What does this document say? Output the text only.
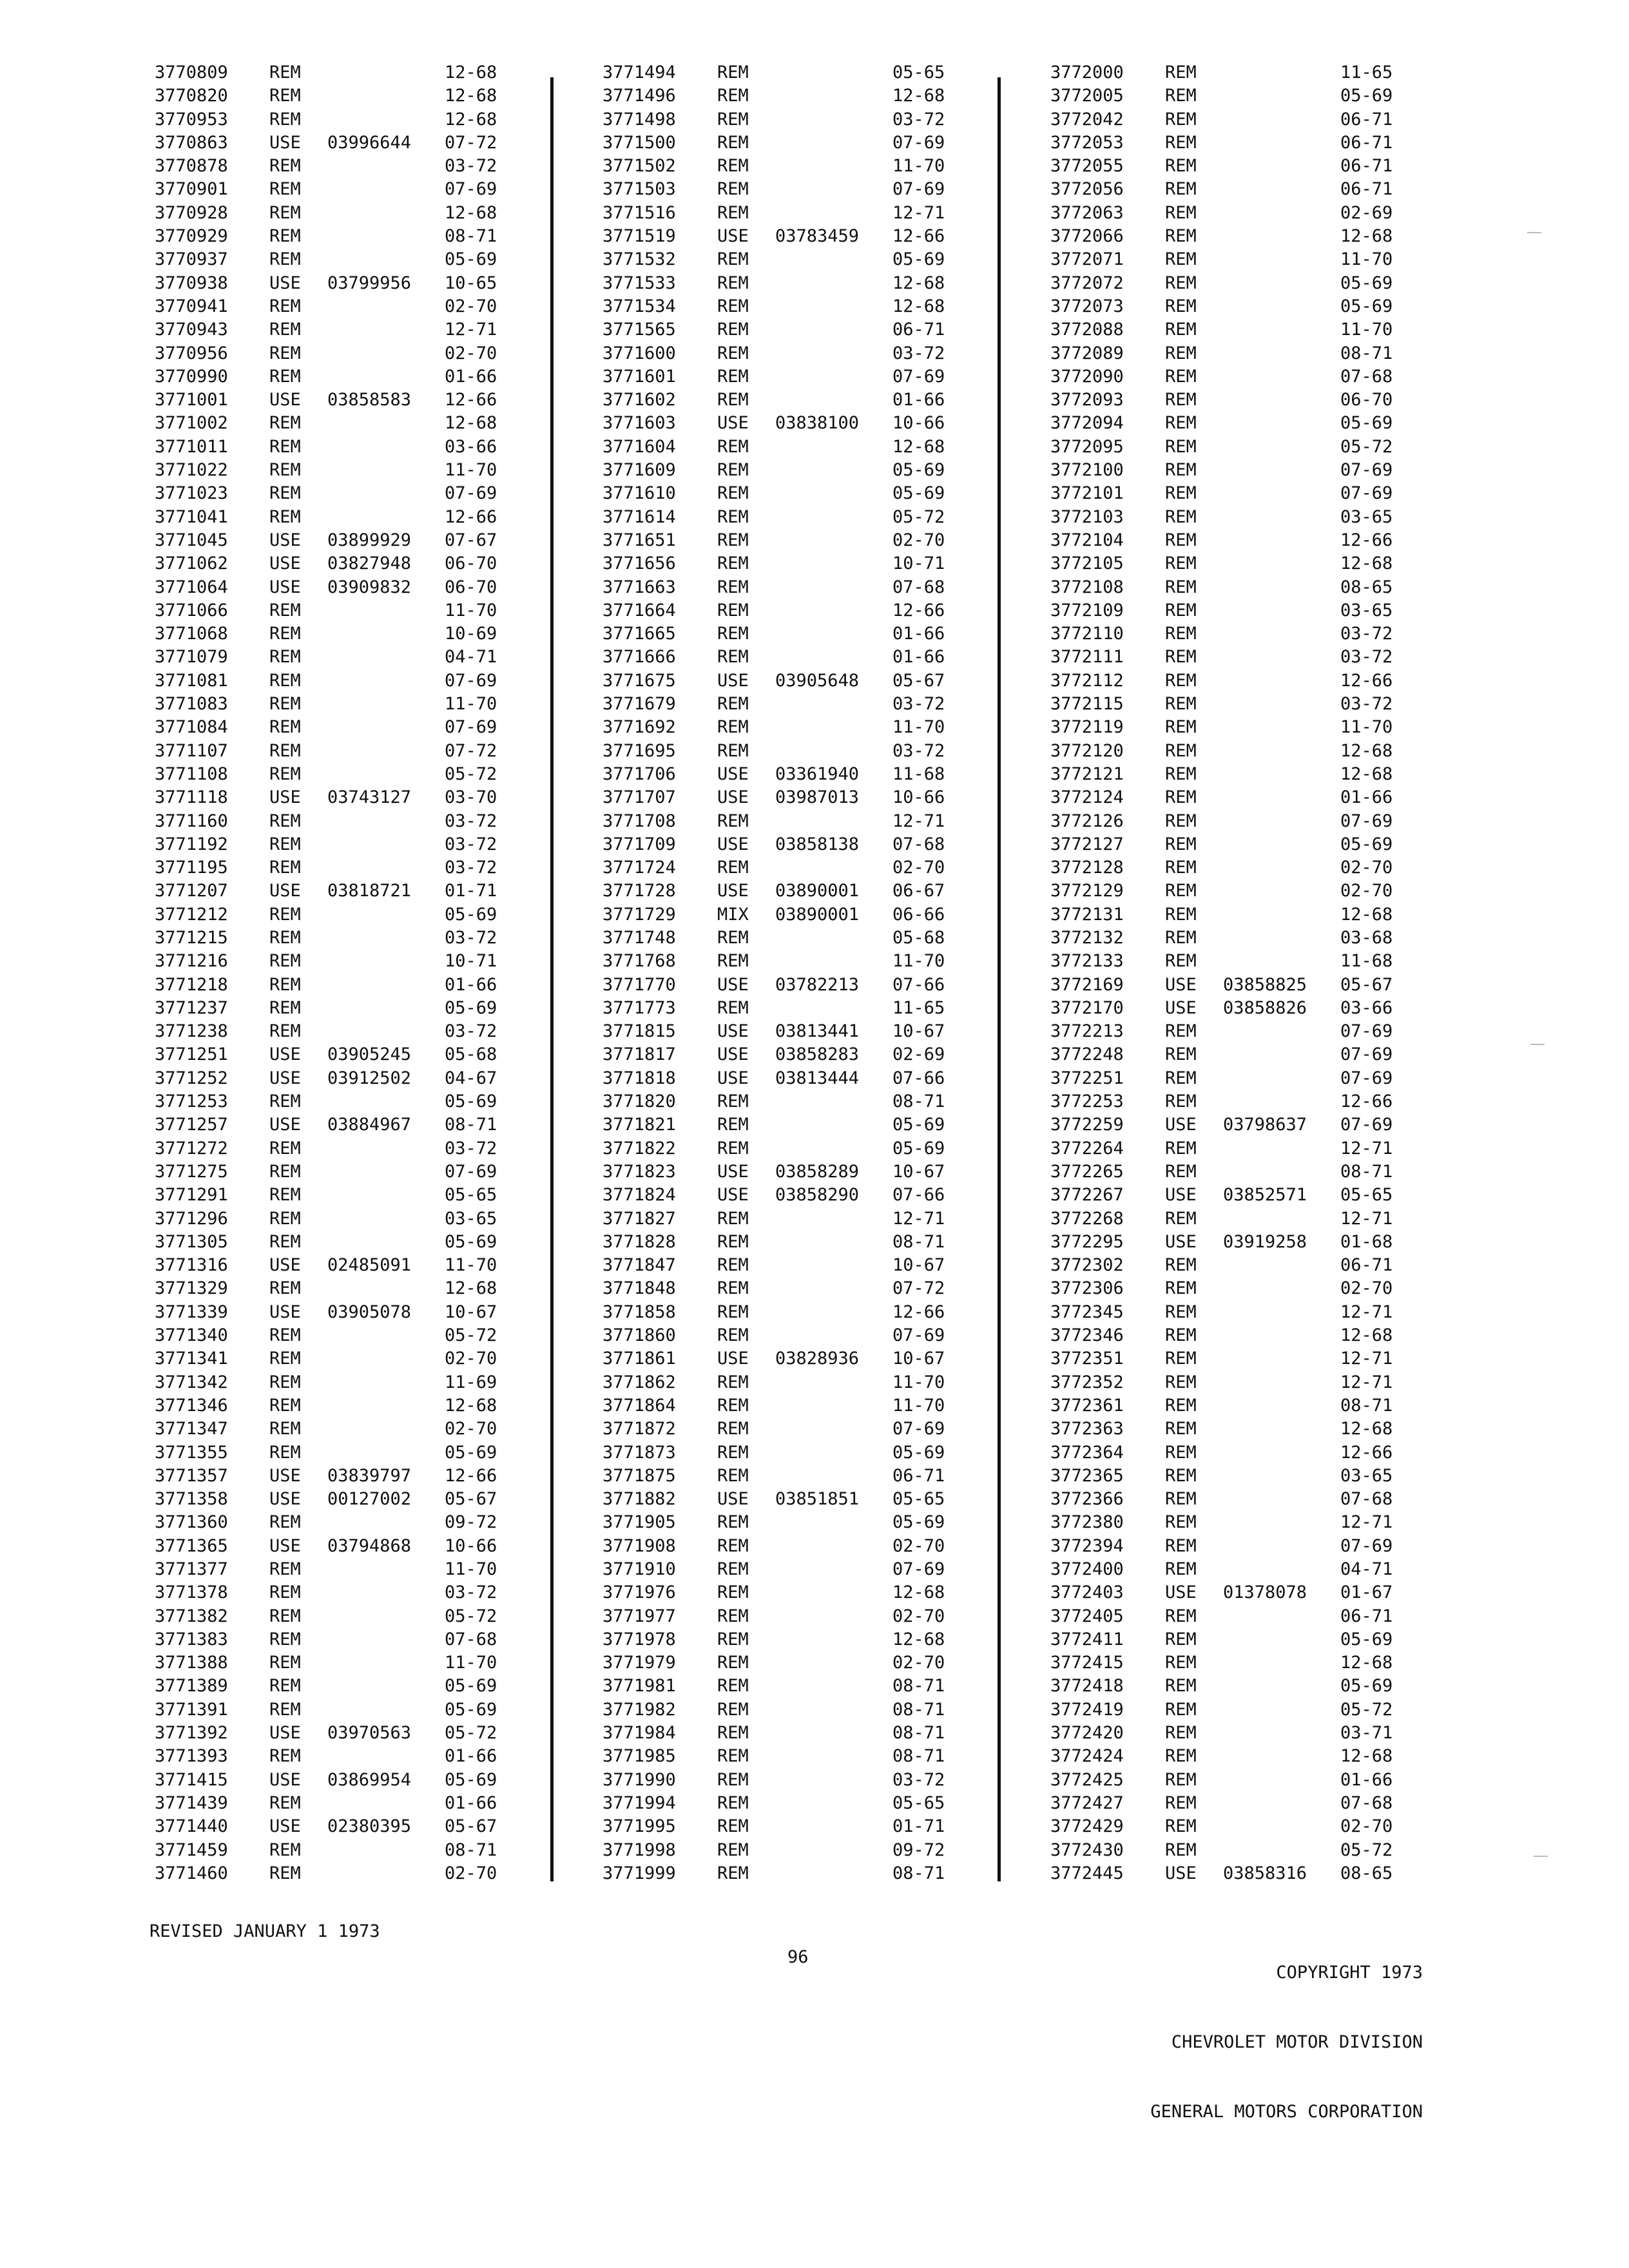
3770809 REM	12-68
3770820 REM	12-68
3770953 REM	12-68
3770863 USE 03996644 07-72
3770878 REM	03-72
3770901 REM	07-69
3770928 REM	12-68
3770929 REM	08-71
3770937 REM	05-69
3770938 USE 03799956 10-65
3770941 REM	02-70
3770943 REM	12-71
3770956 REM	02-70
3770990 REM	01-66
3771001 USE 03858583 12-66
3771002 REM	12-68
3771011 REM	03-66
3771022 REM	11-70
3771023 REM	07-69
3771041 REM	12-66
3771045 USE 03899929 07-67
3771062 USE 03827948 06-70
3771064 USE 03909832 06-70
3771066 REM	11-70
3771068 REM	10-69
3771079 REM	04-71
3771081 REM	07-69
3771083 REM	11-70
3771084 REM	07-69
3771107 REM	07-72
3771108 REM	05-72
3771118 USE 03743127 03-70
3771160 REM	03-72
3771192 REM	03-72
3771195 REM	03-72
3771207 USE 03818721 01-71
3771212 REM	05-69
3771215 REM	03-72
3771216 REM	10-71
3771218 REM	01-66
3771237 REM	05-69
3771238 REM	03-72
3771251 USE 03905245 05-68
3771252 USE 03912502 04-67
3771253 REM	05-69
3771257 USE 03884967 08-71
3771272 REM	03-72
3771275 REM	07-69
3771291 REM	05-65
3771296 REM	03-65
3771305 REM	05-69
3771316 USE 02485091 11-70
3771329 REM	12-68
3771339 USE 03905078 10-67
3771340 REM	05-72
3771341 REM	02-70
3771342 REM	11-69
3771346 REM	12-68
3771347 REM	02-70
3771355 REM	05-69
3771357 USE 03839797 12-66
3771358 USE 00127002 05-67
3771360 REM	09-72
3771365 USE 03794868 10-66
3771377 REM	11-70
3771378 REM	03-72
3771382 REM	05-72
3771383 REM	07-68
3771388 REM	11-70
3771389 REM	05-69
3771391 REM	05-69
3771392 USE 03970563 05-72
3771393 REM	01-66
3771415 USE 03869954 05-69
3771439 REM	01-66
3771440 USE 02380395 05-67
3771459 REM	08-71
3771460 REM	02-70
3771494 REM	05-65
3771496 REM	12-68
3771498 REM	03-72
3771500 REM	07-69
3771502 REM	11-70
3771503 REM	07-69
3771516 REM	12-71
3771519 USE 03783459 12-66
3771532 REM	05-69
3771533 REM	12-68
3771534 REM	12-68
3771565 REM	06-71
3771600 REM	03-72
3771601 REM	07-69
3771602 REM	01-66
3771603 USE 03838100 10-66
3771604 REM	12-68
3771609 REM	05-69
3771610 REM	05-69
3771614 REM	05-72
3771651 REM	02-70
3771656 REM	10-71
3771663 REM	07-68
3771664 REM	12-66
3771665 REM	01-66
3771666 REM	01-66
3771675 USE 03905648 05-67
3771679 REM	03-72
3771692 REM	11-70
3771695 REM	03-72
3771706 USE 03361940 11-68
3771707 USE 03987013 10-66
3771708 REM	12-71
3771709 USE 03858138 07-68
3771724 REM	02-70
3771728 USE 03890001 06-67
3771729 MIX 03890001 06-66
3771748 REM	05-68
3771768 REM	11-70
3771770 USE 03782213 07-66
3771773 REM	11-65
3771815 USE 03813441 10-67
3771817 USE 03858283 02-69
3771818 USE 03813444 07-66
3771820 REM	08-71
3771821 REM	05-69
3771822 REM	05-69
3771823 USE 03858289 10-67
3771824 USE 03858290 07-66
3771827 REM	12-71
3771828 REM	08-71
3771847 REM	10-67
3771848 REM	07-72
3771858 REM	12-66
3771860 REM	07-69
3771861 USE 03828936 10-67
3771862 REM	11-70
3771864 REM	11-70
3771872 REM	07-69
3771873 REM	05-69
3771875 REM	06-71
3771882 USE 03851851 05-65
3771905 REM	05-69
3771908 REM	02-70
3771910 REM	07-69
3771976 REM	12-68
3771977 REM	02-70
3771978 REM	12-68
3771979 REM	02-70
3771981 REM	08-71
3771982 REM	08-71
3771984 REM	08-71
3771985 REM	08-71
3771990 REM	03-72
3771994 REM	05-65
3771995 REM	01-71
3771998 REM	09-72
3771999 REM	08-71
3772000 REM	11-65
3772005 REM	05-69
3772042 REM	06-71
3772053 REM	06-71
3772055 REM	06-71
3772056 REM	06-71
3772063 REM	02-69
3772066 REM	12-68
3772071 REM	11-70
3772072 REM	05-69
3772073 REM	05-69
3772088 REM	11-70
3772089 REM	08-71
3772090 REM	07-68
3772093 REM	06-70
3772094 REM	05-69
3772095 REM	05-72
3772100 REM	07-69
3772101 REM	07-69
3772103 REM	03-65
3772104 REM	12-66
3772105 REM	12-68
3772108 REM	08-65
3772109 REM	03-65
3772110 REM	03-72
3772111 REM	03-72
3772112 REM	12-66
3772115 REM	03-72
3772119 REM	11-70
3772120 REM	12-68
3772121 REM	12-68
3772124 REM	01-66
3772126 REM	07-69
3772127 REM	05-69
3772128 REM	02-70
3772129 REM	02-70
3772131 REM	12-68
3772132 REM	03-68
3772133 REM	11-68
3772169 USE 03858825 05-67
3772170 USE 03858826 03-66
3772213 REM	07-69
3772248 REM	07-69
3772251 REM	07-69
3772253 REM	12-66
3772259 USE 03798637 07-69
3772264 REM	12-71
3772265 REM	08-71
3772267 USE 03852571 05-65
3772268 REM	12-71
3772295 USE 03919258 01-68
3772302 REM	06-71
3772306 REM	02-70
3772345 REM	12-71
3772346 REM	12-68
3772351 REM	12-71
3772352 REM	12-71
3772361 REM	08-71
3772363 REM	12-68
3772364 REM	12-66
3772365 REM	03-65
3772366 REM	07-68
3772380 REM	12-71
3772394 REM	07-69
3772400 REM	04-71
3772403 USE 01378078 01-67
3772405 REM	06-71
3772411 REM	05-69
3772415 REM	12-68
3772418 REM	05-69
3772419 REM	05-72
3772420 REM	03-71
3772424 REM	12-68
3772425 REM	01-66
3772427 REM	07-68
3772429 REM	02-70
3772430 REM	05-72
3772445 USE 03858316 08-65
REVISED JANUARY 1 1973
96

COPYRIGHT 1973

CHEVROLET MOTOR DIVISION

GENERAL MOTORS CORPORATION
